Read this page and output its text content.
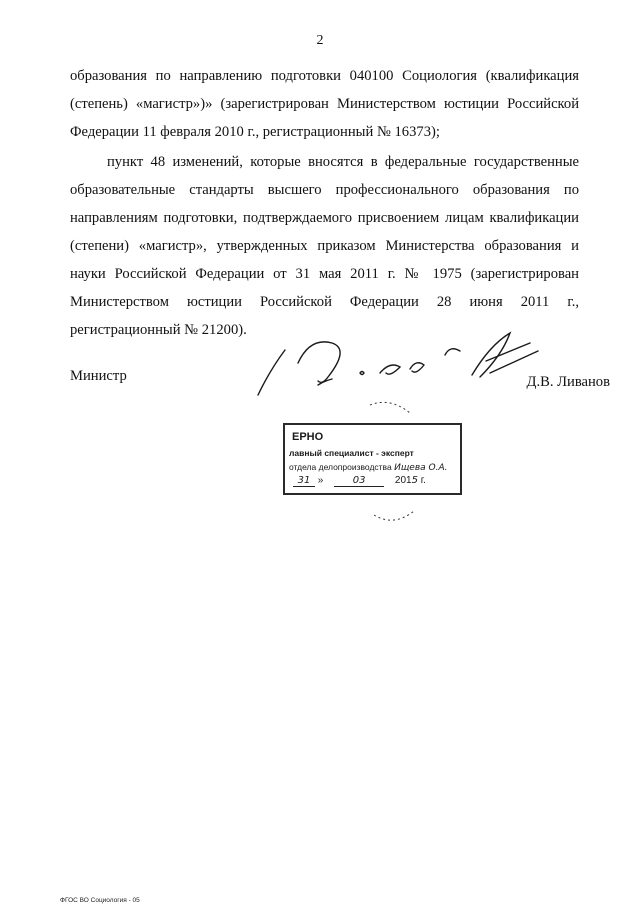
2
образования по направлению подготовки 040100 Социология (квалификация (степень) «магистр»)» (зарегистрирован Министерством юстиции Российской Федерации 11 февраля 2010 г., регистрационный № 16373);
пункт 48 изменений, которые вносятся в федеральные государственные образовательные стандарты высшего профессионального образования по направлениям подготовки, подтверждаемого присвоением лицам квалификации (степени) «магистр», утвержденных приказом Министерства образования и науки Российской Федерации от 31 мая 2011 г. № 1975 (зарегистрирован Министерством юстиции Российской Федерации 28 июня 2011 г., регистрационный № 21200).
Министр	Д.В. Ливанов
ЕРНО
лавный специалист - эксперт
отдела делопроизводства Ищева О.А.
31 »	03	2015 г.
ФГОС ВО Социология - 05
